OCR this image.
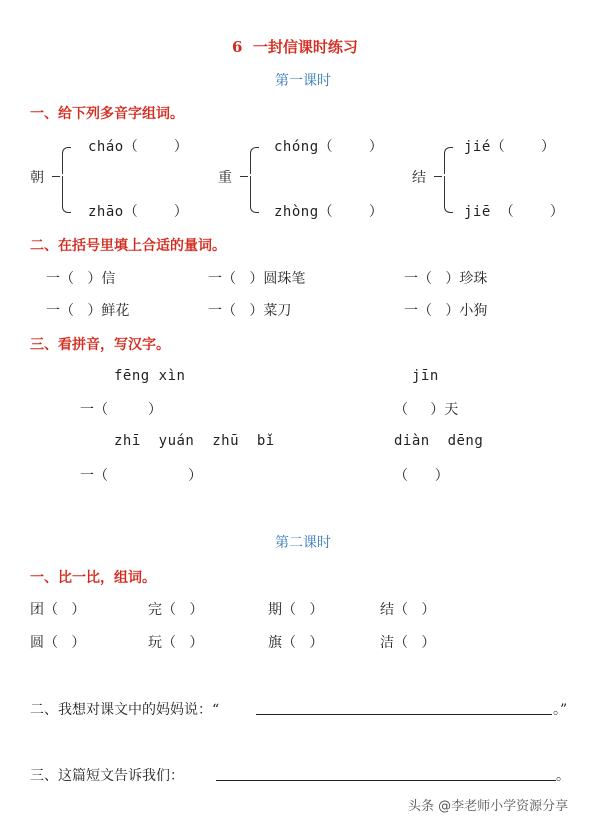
6  一封信课时练习
第一课时
一、给下列多音字组词。
朝
cháo（    ）
zhāo（    ）
重
chóng（    ）
zhòng（    ）
结
jié（    ）
jiē （    ）
二、在括号里填上合适的量词。
一（   ）信	一（   ）圆珠笔	一（   ）珍珠
一（   ）鲜花	一（   ）菜刀	一（   ）小狗
三、看拼音，写汉字。
fēng xìn	jīn
一（         ）	（     ）天
zhī  yuán  zhū  bǐ	diàn  dēng
一（                  ）	（      ）
第二课时
一、比一比，组词。
团（   ）	完（   ）	期（   ）	结（   ）
圆（   ）	玩（   ）	旗（   ）	洁（   ）
二、我想对课文中的妈妈说：“	。”
三、这篇短文告诉我们：	。
头条 @李老师小学资源分享
